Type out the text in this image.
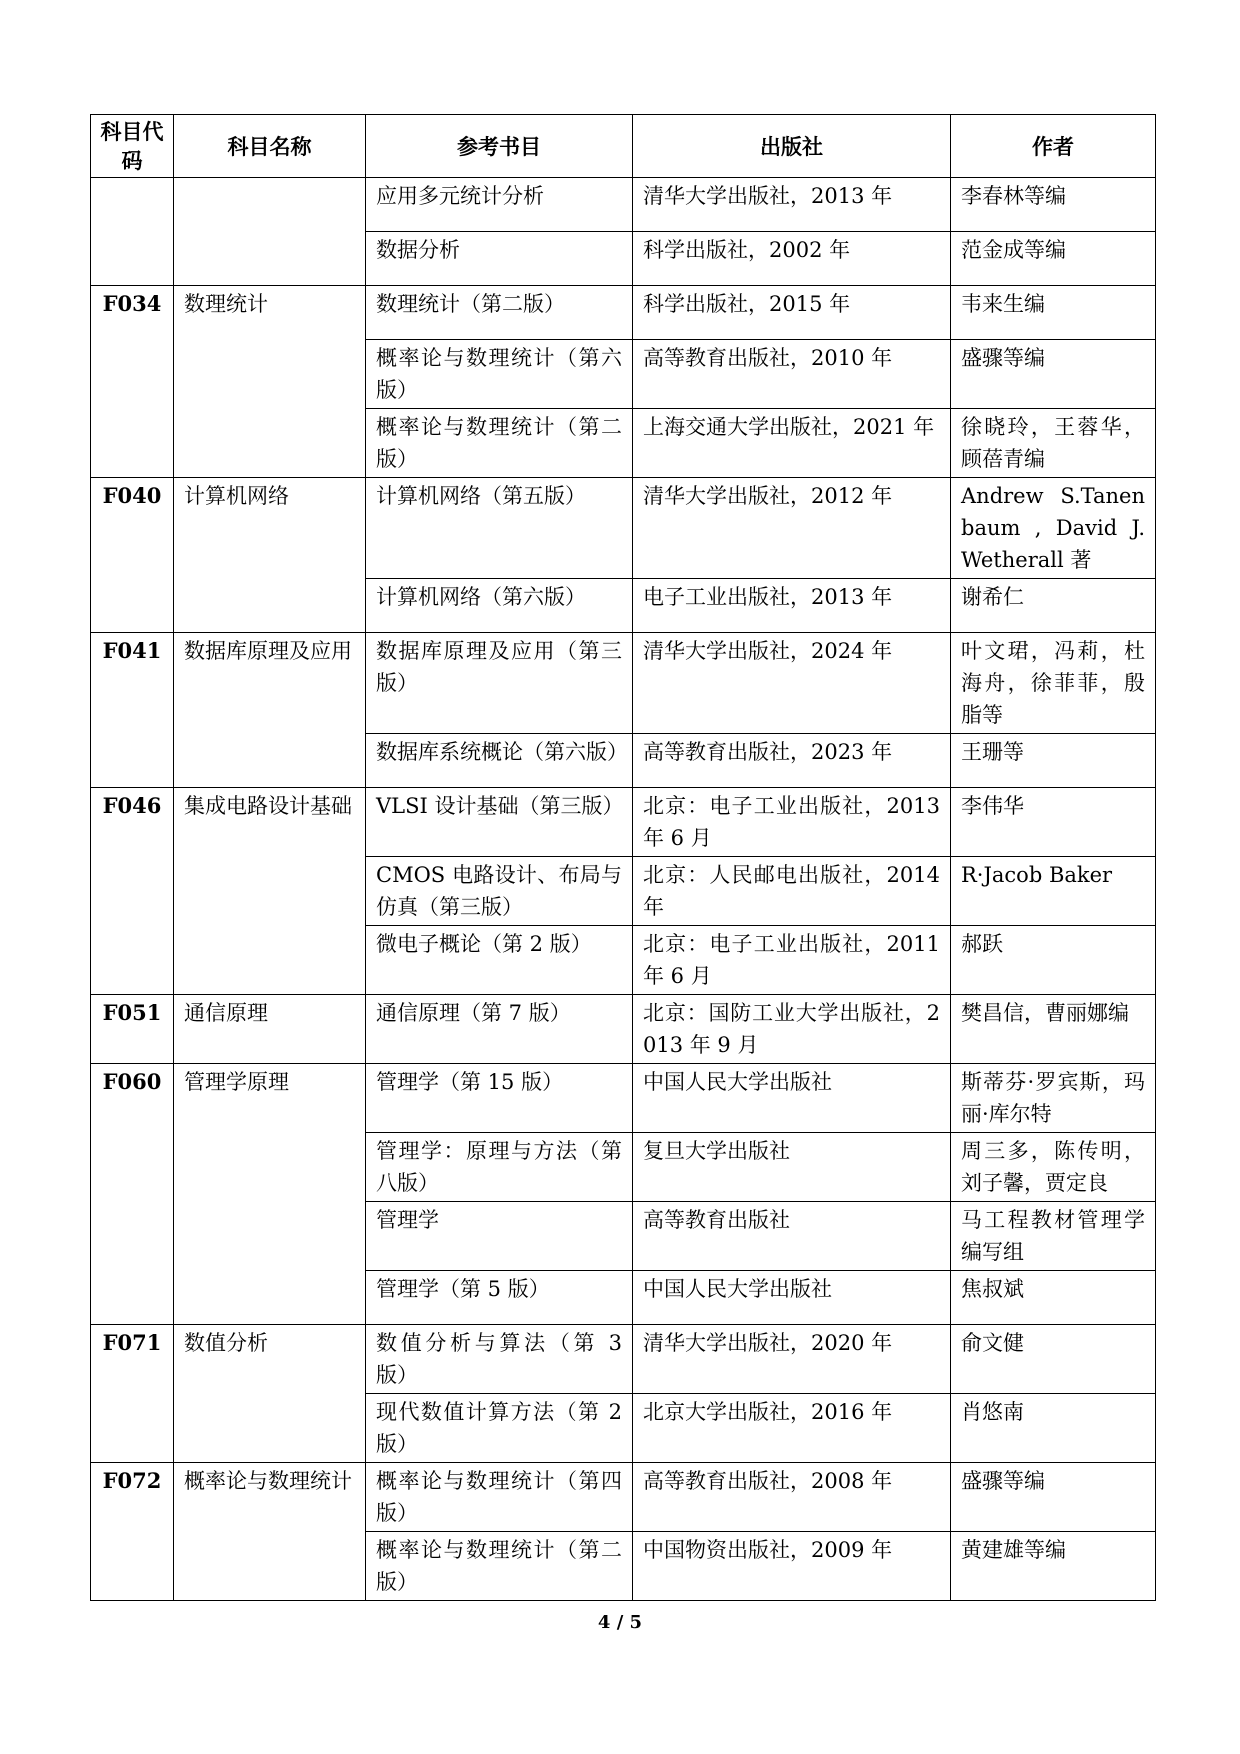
科目代码	科目名称	参考书目	出版社	作者
		应用多元统计分析	清华大学出版社，2013 年	李春林等编
		数据分析	科学出版社，2002 年	范金成等编
F034	数理统计	数理统计（第二版）	科学出版社，2015 年	韦来生编
		概率论与数理统计（第六版）	高等教育出版社，2010 年	盛骤等编
		概率论与数理统计（第二版）	上海交通大学出版社，2021 年	徐晓玲，王蓉华，顾蓓青编
F040	计算机网络	计算机网络（第五版）	清华大学出版社，2012 年	Andrew S.Tanenbaum , David J. Wetherall 著
		计算机网络（第六版）	电子工业出版社，2013 年	谢希仁
F041	数据库原理及应用	数据库原理及应用（第三版）	清华大学出版社，2024 年	叶文珺，冯莉，杜海舟，徐菲菲，殷脂等
		数据库系统概论（第六版）	高等教育出版社，2023 年	王珊等
F046	集成电路设计基础	VLSI 设计基础（第三版）	北京：电子工业出版社，2013 年 6 月	李伟华
		CMOS 电路设计、布局与仿真（第三版）	北京：人民邮电出版社，2014 年	R·Jacob Baker
		微电子概论（第 2 版）	北京：电子工业出版社，2011 年 6 月	郝跃
F051	通信原理	通信原理（第 7 版）	北京：国防工业大学出版社，2013 年 9 月	樊昌信，曹丽娜编
F060	管理学原理	管理学（第 15 版）	中国人民大学出版社	斯蒂芬·罗宾斯，玛丽·库尔特
		管理学：原理与方法（第八版）	复旦大学出版社	周三多，陈传明，刘子馨，贾定良
		管理学	高等教育出版社	马工程教材管理学编写组
		管理学（第 5 版）	中国人民大学出版社	焦叔斌
F071	数值分析	数值分析与算法（第 3 版）	清华大学出版社，2020 年	俞文健
		现代数值计算方法（第 2 版）	北京大学出版社，2016 年	肖悠南
F072	概率论与数理统计	概率论与数理统计（第四版）	高等教育出版社，2008 年	盛骤等编
		概率论与数理统计（第二版）	中国物资出版社，2009 年	黄建雄等编
4 / 5
